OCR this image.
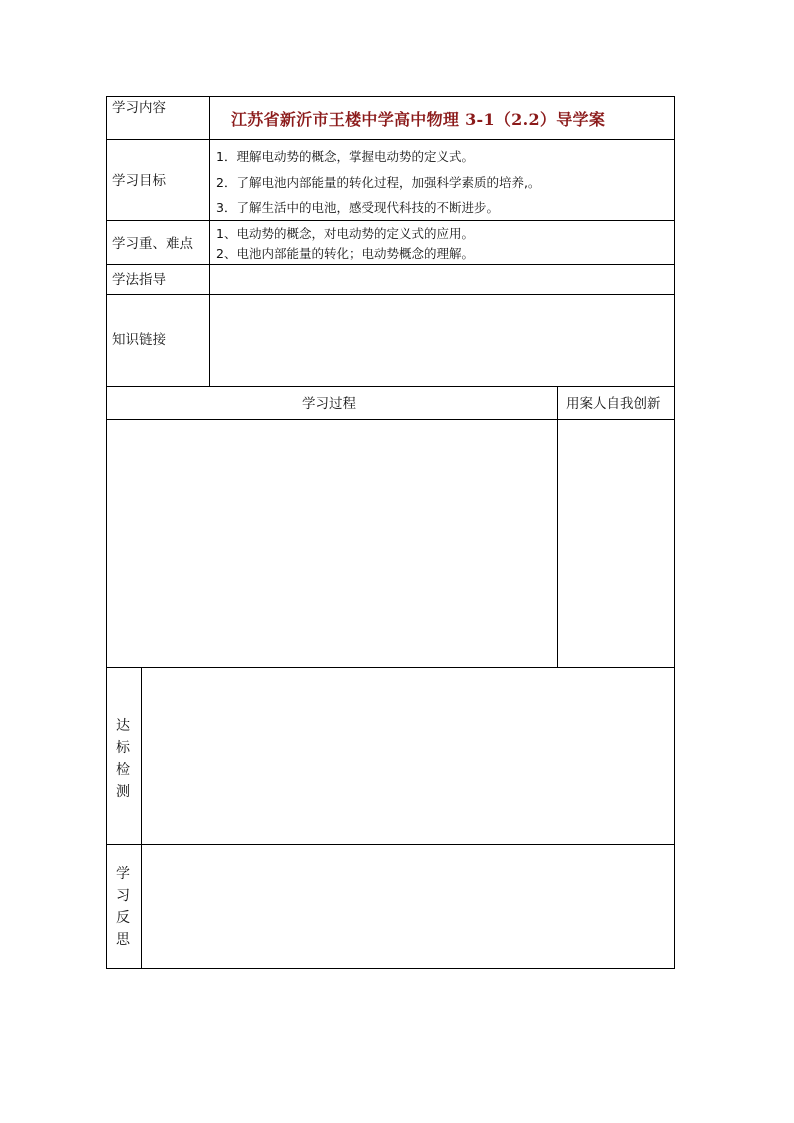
学习内容
江苏省新沂市王楼中学高中物理 3-1（2.2）导学案
学习目标
1．理解电动势的概念，掌握电动势的定义式。
2．了解电池内部能量的转化过程，加强科学素质的培养,。
3．了解生活中的电池，感受现代科技的不断进步。
学习重、难点
1、电动势的概念，对电动势的定义式的应用。
2、电池内部能量的转化；电动势概念的理解。
学法指导
知识链接
学习过程	用案人自我创新
达
标
检
测
学
习
反
思
